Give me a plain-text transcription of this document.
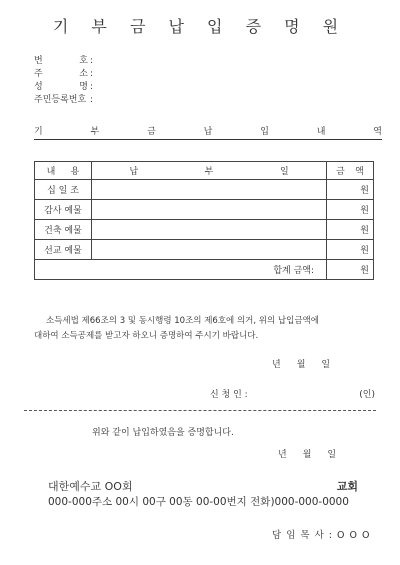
기 부 금 납 입 증 명 원
번	호 :
주	소 :
성	명 :
주민등록번호 :
기	부	금	납	입	내	역
내 용	납 부 일	금 액

십 일 조		원
감사 예물		원
건축 예물		원
선교 예물		원
합계 금액:		원
소득세법 제66조의 3 및 동시행령 10조의 제6호에 의거, 위의 납입금액에
대하여 소득공제를 받고자 하오니 증명하여 주시기 바랍니다.
년 월 일
신 청 인 :	(인)
위와 같이 납입하였음을 증명합니다.
년 월 일
대한예수교 OO회	교회
000-000주소 00시 00구 00동 00-00번지 전화)000-000-0000
담 임 목 사 : O O O
